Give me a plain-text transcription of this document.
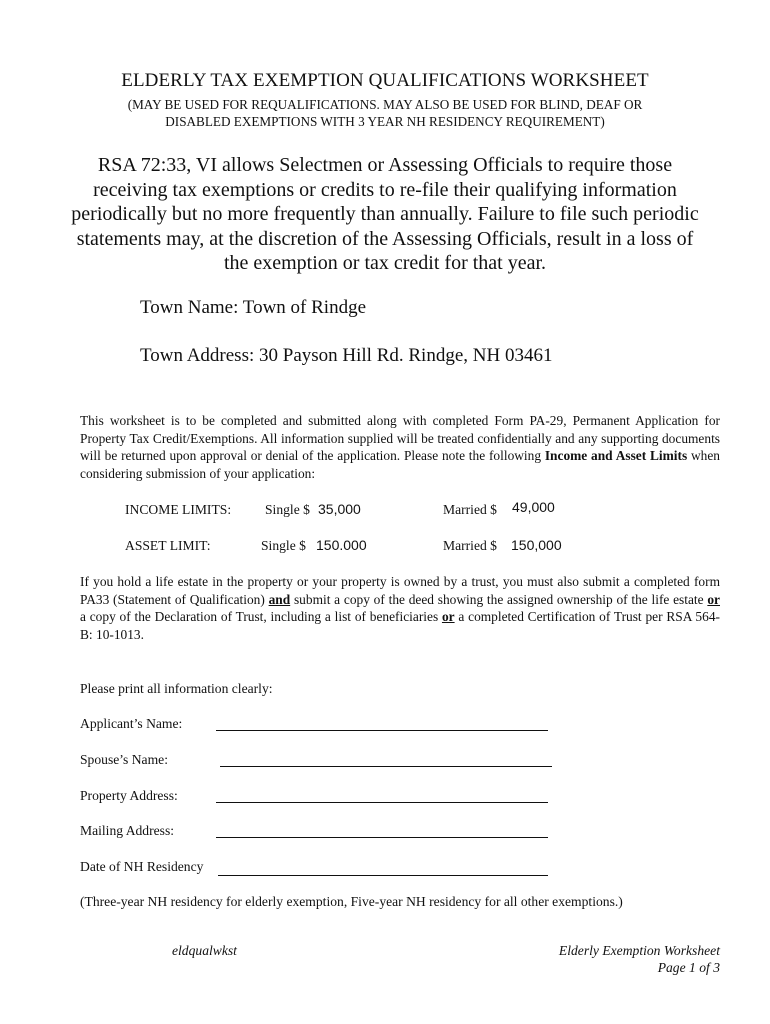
ELDERLY TAX EXEMPTION QUALIFICATIONS WORKSHEET
(MAY BE USED FOR REQUALIFICATIONS. MAY ALSO BE USED FOR BLIND, DEAF OR
DISABLED EXEMPTIONS WITH 3 YEAR NH RESIDENCY REQUIREMENT)
RSA 72:33, VI allows Selectmen or Assessing Officials to require those
receiving tax exemptions or credits to re-file their qualifying information
periodically but no more frequently than annually. Failure to file such periodic
statements may, at the discretion of the Assessing Officials, result in a loss of
the exemption or tax credit for that year.
Town Name: Town of Rindge
Town Address: 30 Payson Hill Rd. Rindge, NH 03461
This worksheet is to be completed and submitted along with completed Form PA-29, Permanent Application for Property Tax Credit/Exemptions. All information supplied will be treated confidentially and any supporting documents will be returned upon approval or denial of the application. Please note the following Income and Asset Limits when considering submission of your application:
INCOME LIMITS: Single $ 35,000	Married $ 49,000
ASSET LIMIT:	Single $ 150.000	Married $ 150,000
If you hold a life estate in the property or your property is owned by a trust, you must also submit a completed form PA33 (Statement of Qualification) and submit a copy of the deed showing the assigned ownership of the life estate or a copy of the Declaration of Trust, including a list of beneficiaries or a completed Certification of Trust per RSA 564-B: 10-1013.
Please print all information clearly:
Applicant’s Name:
Spouse’s Name:
Property Address:
Mailing Address:
Date of NH Residency
(Three-year NH residency for elderly exemption, Five-year NH residency for all other exemptions.)
eldqualwkst	Elderly Exemption Worksheet
Page 1 of 3
